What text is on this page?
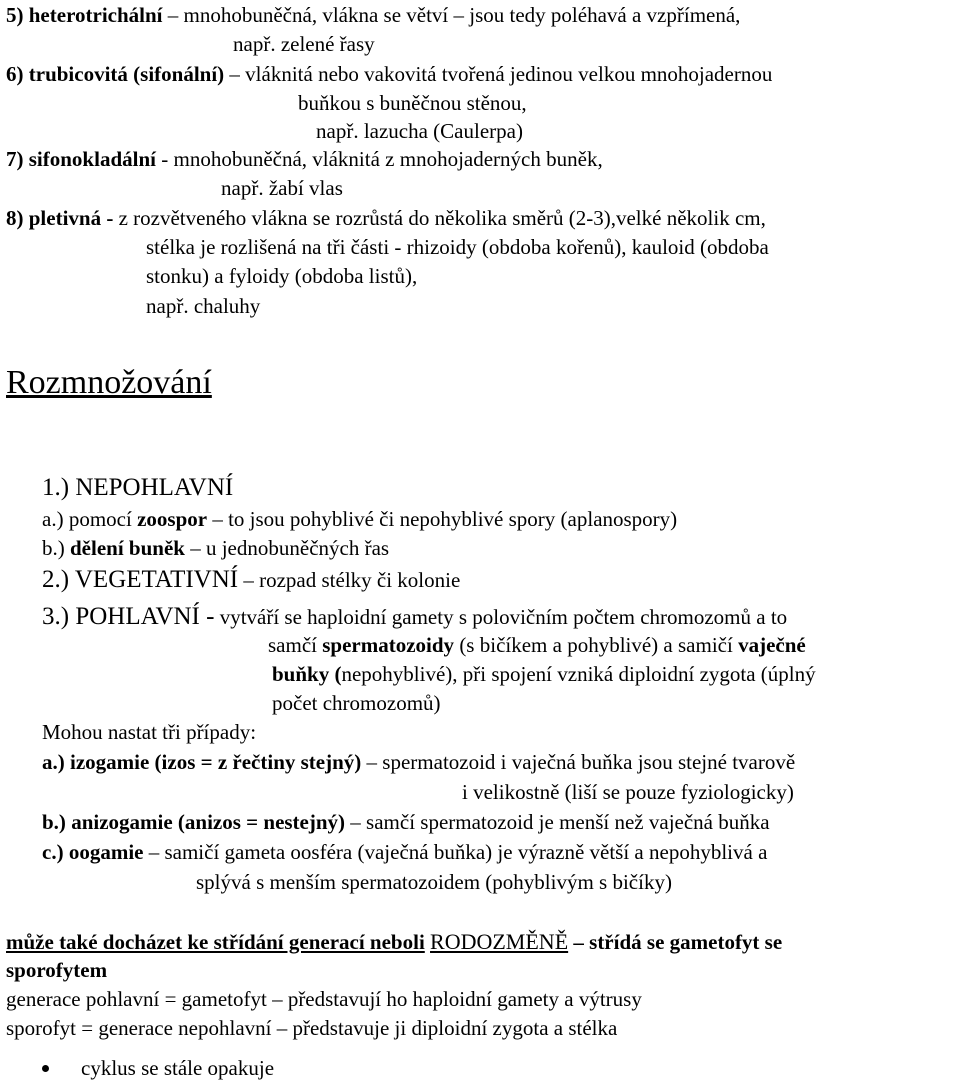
5) heterotrichální – mnohobuněčná, vlákna se větví – jsou tedy poléhavá a vzpřímená,
např. zelené řasy
6) trubicovitá (sifonální) – vláknitá nebo vakovitá tvořená jedinou velkou mnohojadernou
buňkou s buněčnou stěnou,
např. lazucha (Caulerpa)
7) sifonokladální - mnohobuněčná, vláknitá z mnohojaderných buněk,
např. žabí vlas
8) pletivná - z rozvětveného vlákna se rozrůstá do několika směrů (2-3),velké několik cm,
stélka je rozlišená na tři části - rhizoidy (obdoba kořenů), kauloid (obdoba
stonku) a fyloidy (obdoba listů),
např. chaluhy
Rozmnožování
1.) NEPOHLAVNÍ
a.) pomocí zoospor – to jsou pohyblivé či nepohyblivé spory (aplanospory)
b.) dělení buněk – u jednobuněčných řas
2.) VEGETATIVNÍ – rozpad stélky či kolonie
3.) POHLAVNÍ - vytváří se haploidní gamety s polovičním počtem chromozomů a to
samčí spermatozoidy (s bičíkem a pohyblivé) a samičí vaječné
buňky (nepohyblivé), při spojení vzniká diploidní zygota (úplný
počet chromozomů)
Mohou nastat tři případy:
a.) izogamie (izos = z řečtiny stejný) – spermatozoid i vaječná buňka jsou stejné tvarově
i velikostně (liší se pouze fyziologicky)
b.) anizogamie (anizos = nestejný) – samčí spermatozoid je menší než vaječná buňka
c.) oogamie – samičí gameta oosféra (vaječná buňka) je výrazně větší a nepohyblivá a
splývá s menším spermatozoidem (pohyblivým s bičíky)
může také docházet ke střídání generací neboli RODOZMĚNĚ – střídá se gametofyt se
sporofytem
generace pohlavní = gametofyt – představují ho haploidní gamety a výtrusy
sporofyt = generace nepohlavní – představuje ji diploidní zygota a stélka
cyklus se stále opakuje
